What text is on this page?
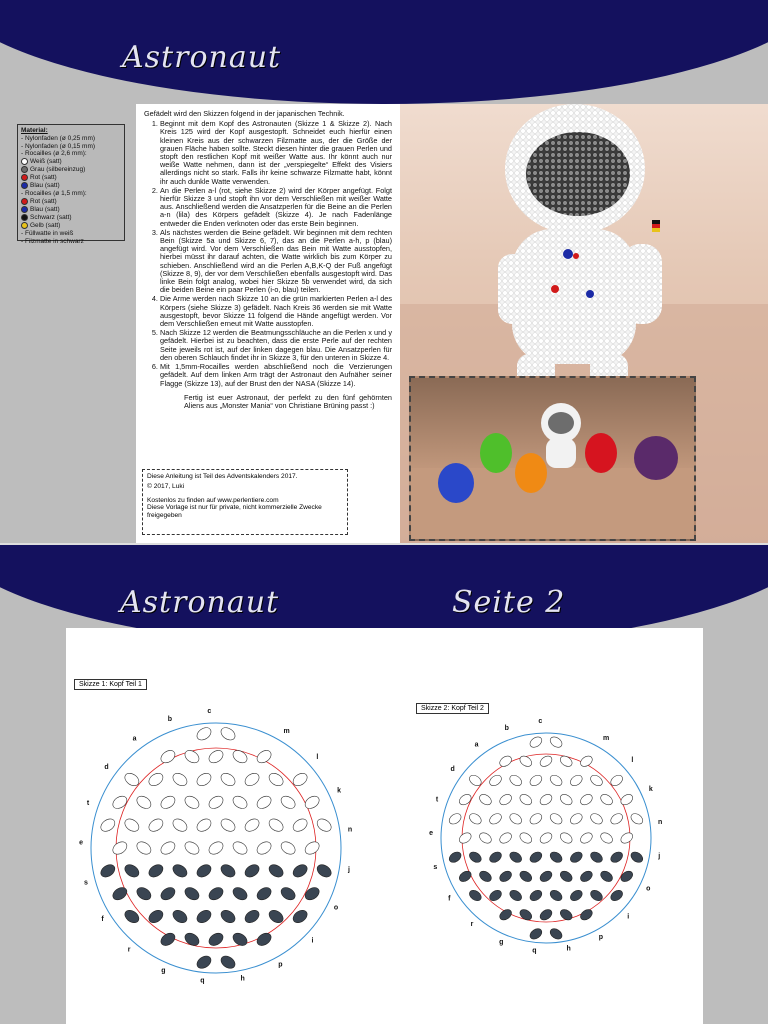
Astronaut
Material:
- Nylonfaden (ø 0,25 mm)
- Nylonfaden (ø 0,15 mm)
- Rocailles (ø 2,6 mm):
Weiß (satt)
Grau (silbereinzug)
Rot (satt)
Blau (satt)
- Rocailles (ø 1,5 mm):
Rot (satt)
Blau (satt)
Schwarz (satt)
Gelb (satt)
- Füllwatte in weiß
- Filzmatte in schwarz
Gefädelt wird den Skizzen folgend in der japanischen Technik.
1. Beginnt mit dem Kopf des Astronauten (Skizze 1 & Skizze 2). Nach Kreis 125 wird der Kopf ausgestopft. Schneidet euch hierfür einen kleinen Kreis aus der schwarzen Filzmatte aus, der die Größe der grauen Fläche haben sollte. Steckt diesen hinter die grauen Perlen und stopft den restlichen Kopf mit weißer Watte aus. Ihr könnt auch nur weiße Watte nehmen, dann ist der „verspiegelte“ Effekt des Visiers allerdings nicht so stark. Falls ihr keine schwarze Filzmatte habt, könnt ihr auch dunkle Watte verwenden.
2. An die Perlen a-l (rot, siehe Skizze 2) wird der Körper angefügt. Folgt hierfür Skizze 3 und stopft ihn vor dem Verschließen mit weißer Watte aus. Anschließend werden die Ansatzperlen für die Beine an die Perlen a-n (lila) des Körpers gefädelt (Skizze 4). Je nach Fadenlänge entweder die Enden verknoten oder das erste Bein beginnen.
3. Als nächstes werden die Beine gefädelt. Wir beginnen mit dem rechten Bein (Skizze 5a und Skizze 6, 7), das an die Perlen a-h, p (blau) angefügt wird. Vor dem Verschließen das Bein mit Watte ausstopfen, hierbei müsst ihr darauf achten, die Watte wirklich bis zum Körper zu schieben. Anschließend wird an die Perlen A,B,K-Q der Fuß angefügt (Skizze 8, 9), der vor dem Verschließen ebenfalls ausgestopft wird. Das linke Bein folgt analog, wobei hier Skizze 5b verwendet wird, da sich die beiden Beine ein paar Perlen (i-o, blau) teilen.
4. Die Arme werden nach Skizze 10 an die grün markierten Perlen a-l des Körpers (siehe Skizze 3) gefädelt. Nach Kreis 36 werden sie mit Watte ausgestopft, bevor Skizze 11 folgend die Hände angefügt werden. Vor dem Verschließen erneut mit Watte ausstopfen.
5. Nach Skizze 12 werden die Beatmungsschläuche an die Perlen x und y gefädelt. Hierbei ist zu beachten, dass die erste Perle auf der rechten Seite jeweils rot ist, auf der linken dagegen blau. Die Ansatzperlen für den oberen Schlauch findet ihr in Skizze 3, für den unteren in Skizze 4.
6. Mit 1,5mm-Rocailles werden abschließend noch die Verzierungen gefädelt. Auf dem linken Arm trägt der Astronaut den Aufnäher seiner Flagge (Skizze 13), auf der Brust den der NASA (Skizze 14).
Fertig ist euer Astronaut, der perfekt zu den fünf gehörnten Aliens aus „Monster Mania“ von Christiane Brüning passt :)
Diese Anleitung ist Teil des Adventskalenders 2017.
© 2017, Luki
Kostenlos zu finden auf www.perlentiere.com
Diese Vorlage ist nur für private, nicht kommerzielle Zwecke freigegeben
Astronaut	Seite 2
Skizze 1: Kopf Teil 1
Skizze 2: Kopf Teil 2
m
l
k
n
j
o
i
p
h
q
g
r
f
s
e
t
d
a
b
c
m
l
k
n
j
o
i
p
h
q
g
r
f
s
e
t
d
a
b
c
